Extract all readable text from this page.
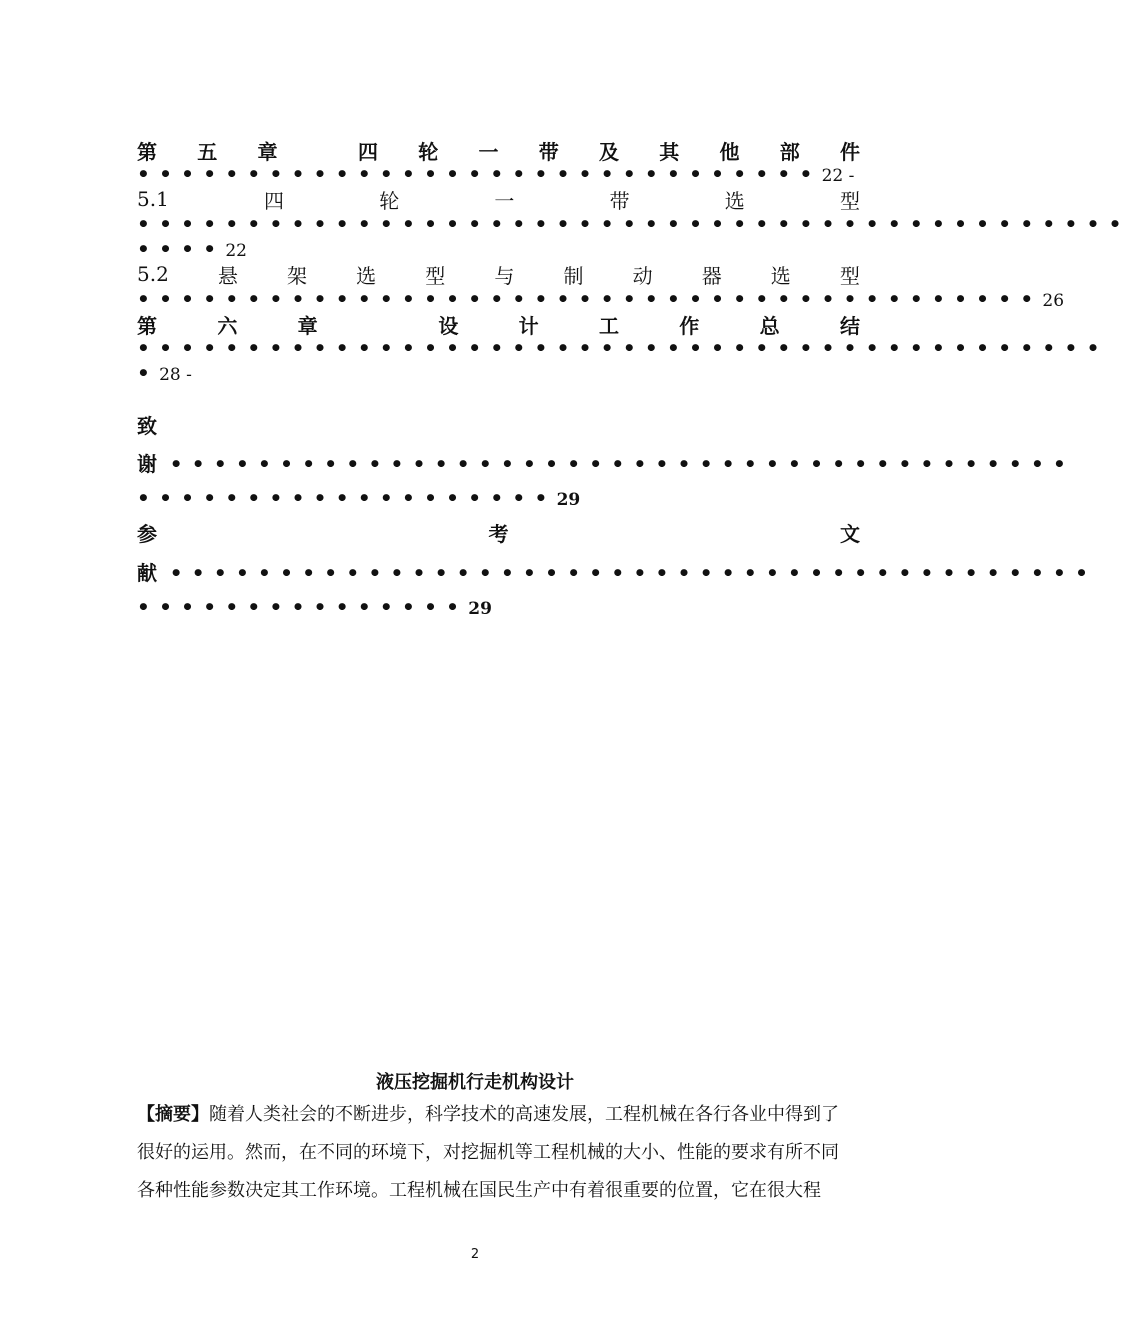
第 五 章	四 轮 一 带 及 其 他 部 件
•••••••••••••••••••••••••••••••22 -
5.1	四	轮	一	带	选	型
•••••••••••••••••••••••••••••••••••••••••••••
••••22
5.2 悬 架 选 型 与 制 动 器 选 型
•••••••••••••••••••••••••••••••••••••••••26
第	六	章	设	计	工	作	总	结
••••••••••••••••••••••••••••••••••••••••••••
•28 -
致
谢 •••••••••••••••••••••••••••••••••••••••••
•••••••••••••••••••29
参	考	文
献 ••••••••••••••••••••••••••••••••••••••••••
•••••••••••••••29
液压挖掘机行走机构设计
【摘要】随着人类社会的不断进步，科学技术的高速发展，工程机械在各行各业中得到了
很好的运用。然而，在不同的环境下，对挖掘机等工程机械的大小、性能的要求有所不同
各种性能参数决定其工作环境。工程机械在国民生产中有着很重要的位置，它在很大程
2
